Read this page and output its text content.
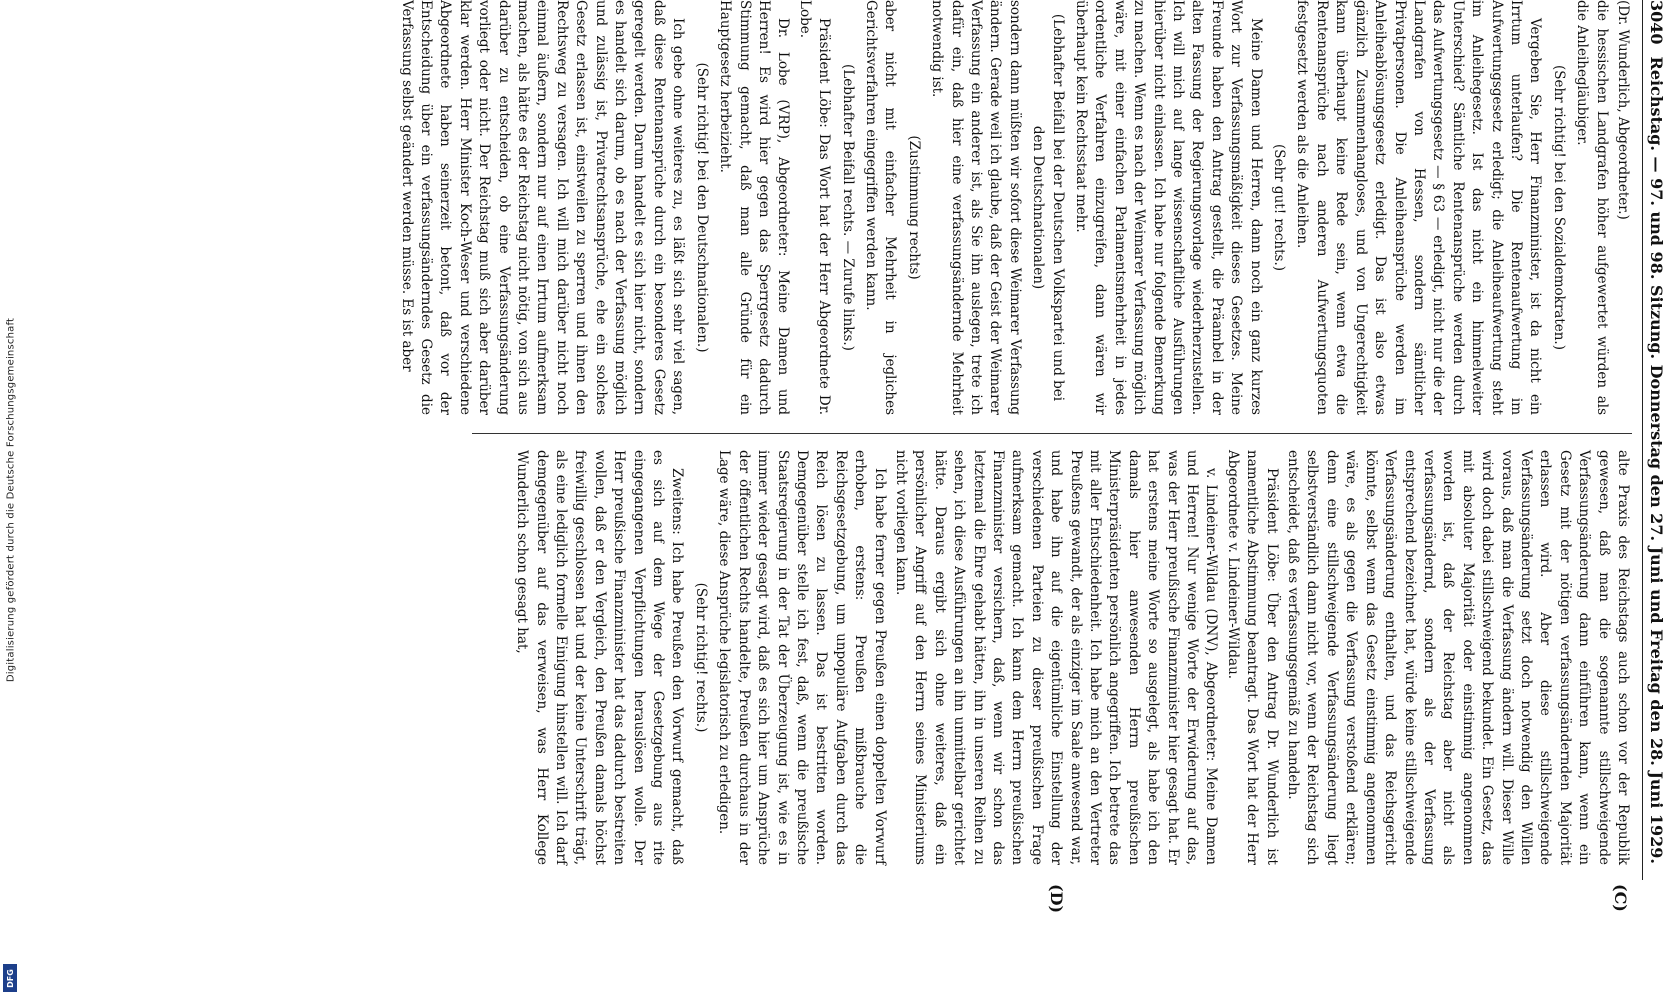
Digitalisierung gefördert durch die Deutsche Forschungsgemeinschaft
DFG
3040
Reichstag. — 97. und 98. Sitzung. Donnerstag den 27. Juni und Freitag den 28. Juni 1929.
(C)
(D)

(Dr. Wunderlich, Abgeordneter.)

die hessischen Landgrafen höher aufgewertet würden als die Anleihegläubiger.

(Sehr richtig! bei den Sozialdemokraten.)

Vergeben Sie, Herr Finanzminister, ist da nicht ein Irrtum unterlaufen? Die Rentenaufwertung im Aufwertungsgesetz erledigt; die Anleiheaufwertung steht im Anleihegesetz. Ist das nicht ein himmelweiter Unterschied? Sämtliche Rentenansprüche werden durch das Aufwertungsgesetz — § 63 — erledigt, nicht nur die der Landgrafen von Hessen, sondern sämtlicher Privatpersonen. Die Anleiheansprüche werden im Anleiheablösungsgesetz erledigt. Das ist also etwas gänzlich Zusammenhangloses, und von Ungerechtigkeit kann überhaupt keine Rede sein, wenn etwa die Rentenansprüche nach anderen Aufwertungsquoten festgesetzt werden als die Anleihen.

(Sehr gut! rechts.)

Meine Damen und Herren, dann noch ein ganz kurzes Wort zur Verfassungsmäßigkeit dieses Gesetzes. Meine Freunde haben den Antrag gestellt, die Präambel in der alten Fassung der Regierungsvorlage wiederherzustellen. Ich will mich auf lange wissenschaftliche Ausführungen hierüber nicht einlassen. Ich habe nur folgende Bemerkung zu machen. Wenn es nach der Weimarer Verfassung möglich wäre, mit einer einfachen Parlamentsmehrheit in jedes ordentliche Verfahren einzugreifen, dann wären wir überhaupt kein Rechtsstaat mehr.

(Lebhafter Beifall bei der Deutschen Volkspartei und bei den Deutschnationalen)

sondern dann müßten wir sofort diese Weimarer Verfassung ändern. Gerade weil ich glaube, daß der Geist der Weimarer Verfassung ein anderer ist, als Sie ihn auslegen, trete ich dafür ein, daß hier eine verfassungsändernde Mehrheit notwendig ist.

(Zustimmung rechts)

aber nicht mit einfacher Mehrheit in jegliches Gerichtsverfahren eingegriffen werden kann.

(Lebhafter Beifall rechts. — Zurufe links.)

Präsident Löbe: Das Wort hat der Herr Abgeordnete Dr. Lobe.

Dr. Lobe (VRP), Abgeordneter: Meine Damen und Herren! Es wird hier gegen das Sperrgesetz dadurch Stimmung gemacht, daß man alle Gründe für ein Hauptgesetz herbeizieht.

(Sehr richtig! bei den Deutschnationalen.)

Ich gebe ohne weiteres zu, es läßt sich sehr viel sagen, daß diese Rentenansprüche durch ein besonderes Gesetz geregelt werden. Darum handelt es sich hier nicht, sondern es handelt sich darum, ob es nach der Verfassung möglich und zulässig ist, Privatrechtsansprüche, ehe ein solches Gesetz erlassen ist, einstweilen zu sperren und ihnen den Rechtsweg zu versagen. Ich will mich darüber nicht noch einmal äußern, sondern nur auf einen Irrtum aufmerksam machen, als hätte es der Reichstag nicht nötig, von sich aus darüber zu entscheiden, ob eine Verfassungsänderung vorliegt oder nicht. Der Reichstag muß sich aber darüber klar werden. Herr Minister Koch-Weser und verschiedene Abgeordnete haben seinerzeit betont, daß vor der Entscheidung über ein verfassungsänderndes Gesetz die Verfassung selbst geändert werden müsse. Es ist aber

alte Praxis des Reichstags auch schon vor der Republik gewesen, daß man die sogenannte stillschweigende Verfassungsänderung dann einführen kann, wenn ein Gesetz mit der nötigen verfassungsändernden Majorität erlassen wird. Aber diese stillschweigende Verfassungsänderung setzt doch notwendig den Willen voraus, daß man die Verfassung ändern will. Dieser Wille wird doch dabei stillschweigend bekundet. Ein Gesetz, das mit absoluter Majorität oder einstimmig angenommen worden ist, daß der Reichstag aber nicht als verfassungsändernd, sondern als der Verfassung entsprechend bezeichnet hat, würde keine stillschweigende Verfassungsänderung enthalten, und das Reichsgericht könnte, selbst wenn das Gesetz einstimmig angenommen wäre, es als gegen die Verfassung verstoßend erklären; denn eine stillschweigende Verfassungsänderung liegt selbstverständlich dann nicht vor, wenn der Reichstag sich entscheidet, daß es verfassungsgemäß zu handeln.

Präsident Löbe: Über den Antrag Dr. Wunderlich ist namentliche Abstimmung beantragt. Das Wort hat der Herr Abgeordnete v. Lindeiner-Wildau.

v. Lindeiner-Wildau (DNV), Abgeordneter: Meine Damen und Herren! Nur wenige Worte der Erwiderung auf das, was der Herr preußische Finanzminister hier gesagt hat. Er hat erstens meine Worte so ausgelegt, als habe ich den damals hier anwesenden Herrn preußischen Ministerpräsidenten persönlich angegriffen. Ich betrete das mit aller Entschiedenheit. Ich habe mich an den Vertreter Preußens gewandt, der als einziger im Saale anwesend war, und habe ihn auf die eigentümliche Einstellung der verschiedenen Parteien zu dieser preußischen Frage aufmerksam gemacht. Ich kann dem Herrn preußischen Finanzminister versichern, daß, wenn wir schon das letztemal die Ehre gehabt hätten, ihn in unseren Reihen zu sehen, ich diese Ausführungen an ihn unmittelbar gerichtet hätte. Daraus ergibt sich ohne weiteres, daß ein persönlicher Angriff auf den Herrn seines Ministeriums nicht vorliegen kann.

Ich habe ferner gegen Preußen einen doppelten Vorwurf erhoben, erstens: Preußen mißbrauche die Reichsgesetzgebung, um unpopuläre Aufgaben durch das Reich lösen zu lassen. Das ist bestritten worden. Demgegenüber stelle ich fest, daß, wenn die preußische Staatsregierung in der Tat der Überzeugung ist, wie es in immer wieder gesagt wird, daß es sich hier um Ansprüche der öffentlichen Rechts handelte, Preußen durchaus in der Lage wäre, diese Ansprüche legislatorisch zu erledigen.

(Sehr richtig! rechts.)

Zweitens: Ich habe Preußen den Vorwurf gemacht, daß es sich auf dem Wege der Gesetzgebung aus rite eingegangenen Verpflichtungen herauslösen wolle. Der Herr preußische Finanzminister hat das dadurch bestreiten wollen, daß er den Vergleich, den Preußen damals höchst freiwillig geschlossen hat und der keine Unterschrift trägt, als eine lediglich formelle Einigung hinstellen will. Ich darf demgegenüber auf das verweisen, was Herr Kollege Wunderlich schon gesagt hat,
